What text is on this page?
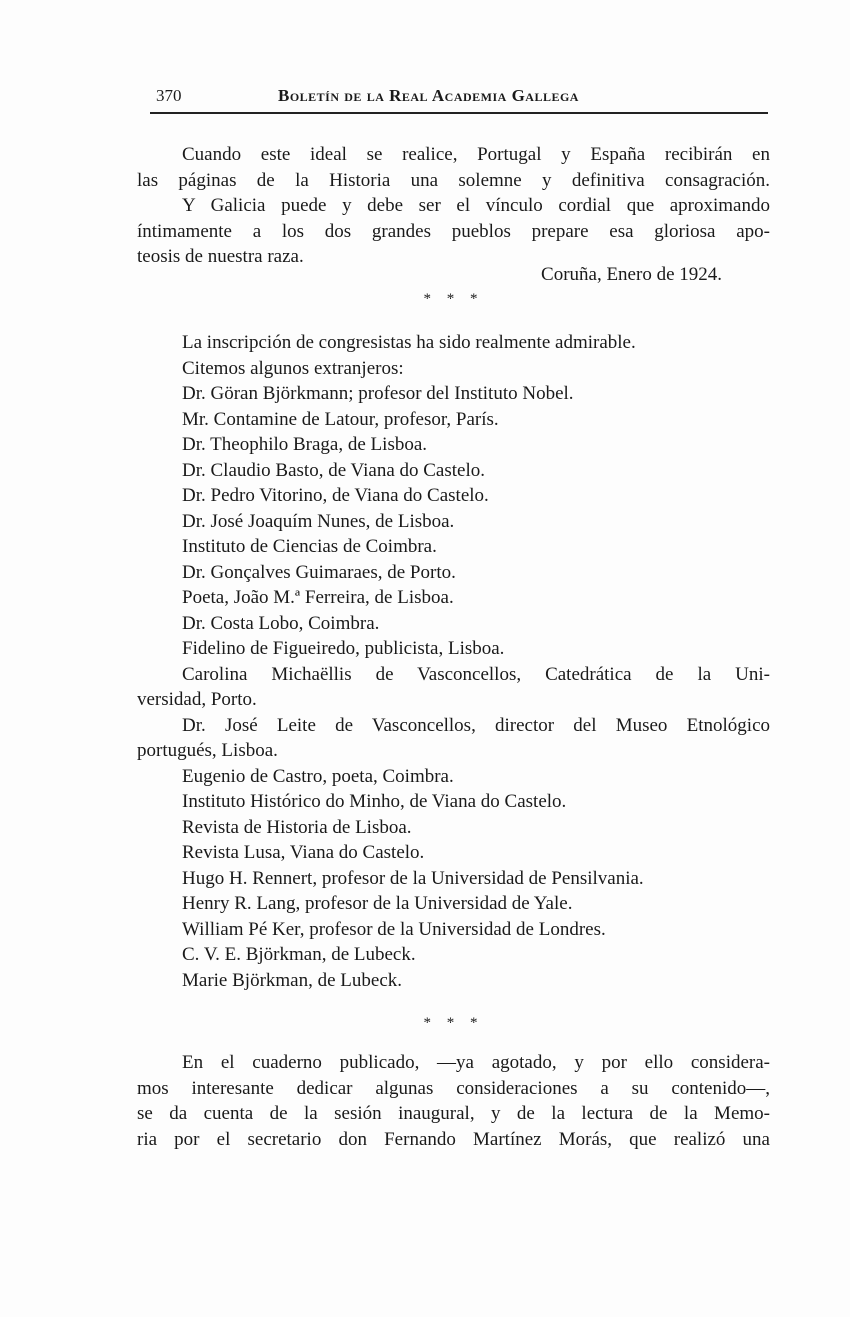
370	Boletín de la Real Academia Gallega
Cuando este ideal se realice, Portugal y España recibirán en
las páginas de la Historia una solemne y definitiva consagración.
Y Galicia puede y debe ser el vínculo cordial que aproximando
íntimamente a los dos grandes pueblos prepare esa gloriosa apo-
teosis de nuestra raza.
Coruña, Enero de 1924.
* * *
La inscripción de congresistas ha sido realmente admirable.
Citemos algunos extranjeros:
Dr. Göran Björkmann; profesor del Instituto Nobel.
Mr. Contamine de Latour, profesor, París.
Dr. Theophilo Braga, de Lisboa.
Dr. Claudio Basto, de Viana do Castelo.
Dr. Pedro Vitorino, de Viana do Castelo.
Dr. José Joaquím Nunes, de Lisboa.
Instituto de Ciencias de Coimbra.
Dr. Gonçalves Guimaraes, de Porto.
Poeta, João M.ª Ferreira, de Lisboa.
Dr. Costa Lobo, Coimbra.
Fidelino de Figueiredo, publicista, Lisboa.
Carolina Michaëllis de Vasconcellos, Catedrática de la Uni-
versidad, Porto.
Dr. José Leite de Vasconcellos, director del Museo Etnológico
portugués, Lisboa.
Eugenio de Castro, poeta, Coimbra.
Instituto Histórico do Minho, de Viana do Castelo.
Revista de Historia de Lisboa.
Revista Lusa, Viana do Castelo.
Hugo H. Rennert, profesor de la Universidad de Pensilvania.
Henry R. Lang, profesor de la Universidad de Yale.
William Pé Ker, profesor de la Universidad de Londres.
C. V. E. Björkman, de Lubeck.
Marie Björkman, de Lubeck.
* * *
En el cuaderno publicado, —ya agotado, y por ello considera-
mos interesante dedicar algunas consideraciones a su contenido—,
se da cuenta de la sesión inaugural, y de la lectura de la Memo-
ria por el secretario don Fernando Martínez Morás, que realizó una
